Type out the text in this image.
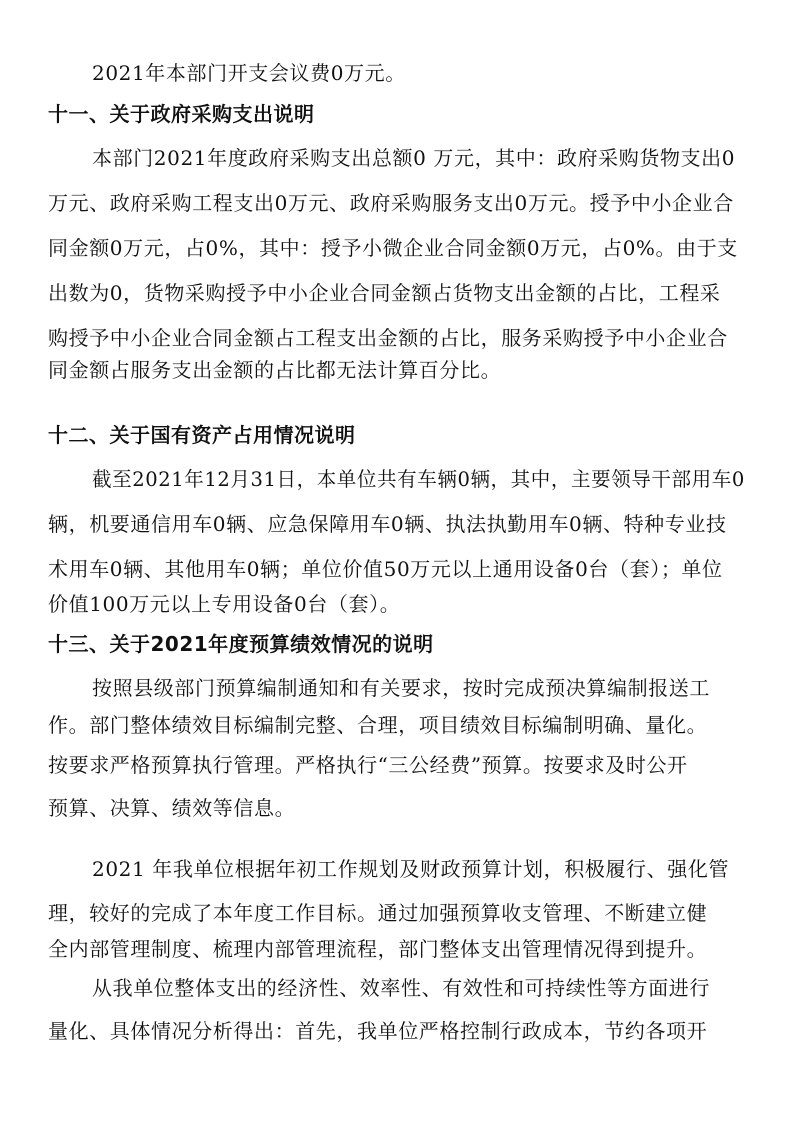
2021年本部门开支会议费0万元。
十一、关于政府采购支出说明
本部门2021年度政府采购支出总额0 万元，其中：政府采购货物支出0
万元、政府采购工程支出0万元、政府采购服务支出0万元。授予中小企业合
同金额0万元，占0%，其中：授予小微企业合同金额0万元，占0%。由于支
出数为0，货物采购授予中小企业合同金额占货物支出金额的占比，工程采
购授予中小企业合同金额占工程支出金额的占比，服务采购授予中小企业合
同金额占服务支出金额的占比都无法计算百分比。
十二、关于国有资产占用情况说明
截至2021年12月31日，本单位共有车辆0辆，其中，主要领导干部用车0
辆，机要通信用车0辆、应急保障用车0辆、执法执勤用车0辆、特种专业技
术用车0辆、其他用车0辆；单位价值50万元以上通用设备0台（套）；单位
价值100万元以上专用设备0台（套）。
十三、关于2021年度预算绩效情况的说明
按照县级部门预算编制通知和有关要求，按时完成预决算编制报送工
作。部门整体绩效目标编制完整、合理，项目绩效目标编制明确、量化。
按要求严格预算执行管理。严格执行“三公经费”预算。按要求及时公开
预算、决算、绩效等信息。
2021 年我单位根据年初工作规划及财政预算计划，积极履行、强化管
理，较好的完成了本年度工作目标。通过加强预算收支管理、不断建立健
全内部管理制度、梳理内部管理流程，部门整体支出管理情况得到提升。
从我单位整体支出的经济性、效率性、有效性和可持续性等方面进行
量化、具体情况分析得出：首先，我单位严格控制行政成本，节约各项开
